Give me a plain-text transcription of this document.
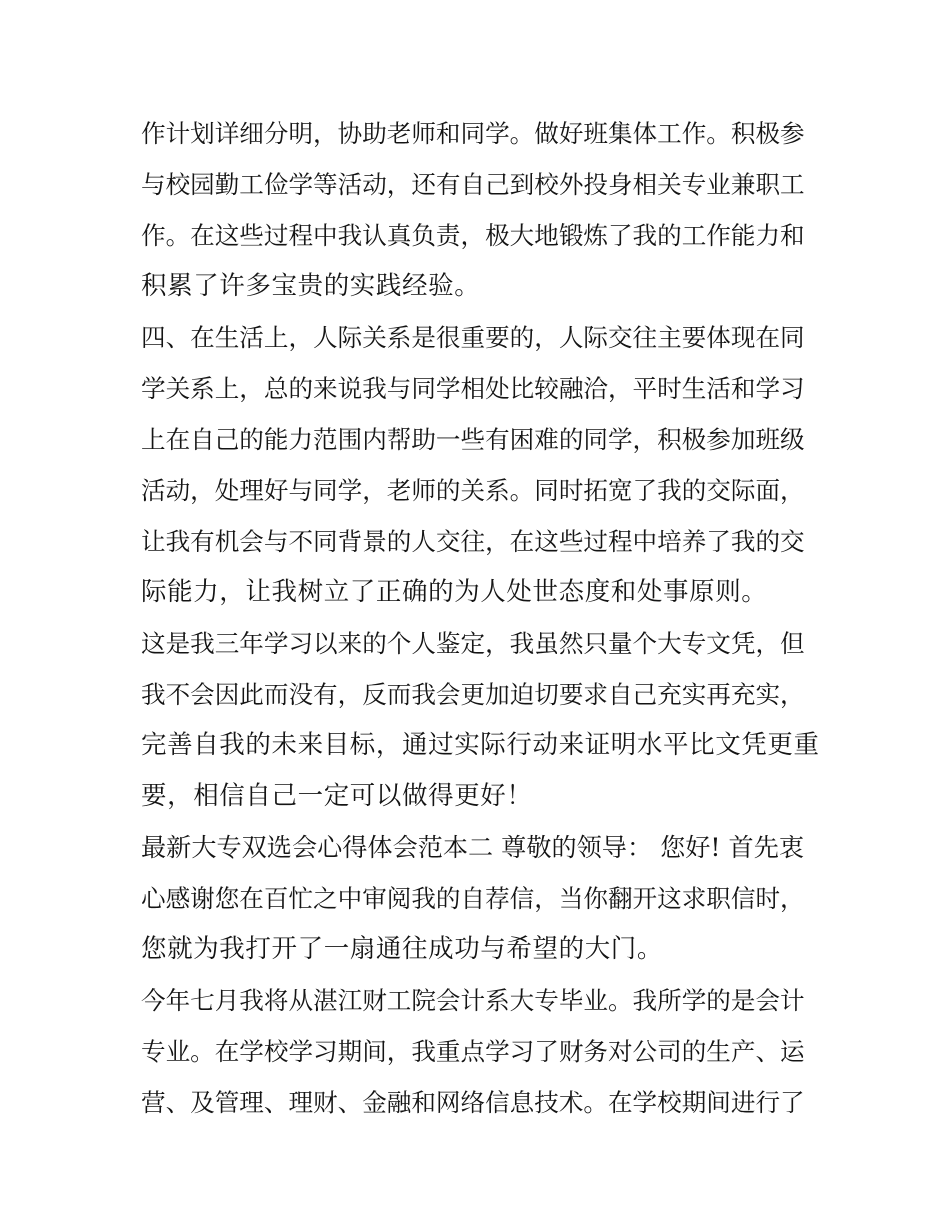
作计划详细分明，协助老师和同学。做好班集体工作。积极参
与校园勤工俭学等活动，还有自己到校外投身相关专业兼职工
作。在这些过程中我认真负责，极大地锻炼了我的工作能力和
积累了许多宝贵的实践经验。
四、在生活上，人际关系是很重要的，人际交往主要体现在同
学关系上，总的来说我与同学相处比较融洽，平时生活和学习
上在自己的能力范围内帮助一些有困难的同学，积极参加班级
活动，处理好与同学，老师的关系。同时拓宽了我的交际面，
让我有机会与不同背景的人交往，在这些过程中培养了我的交
际能力，让我树立了正确的为人处世态度和处事原则。
这是我三年学习以来的个人鉴定，我虽然只量个大专文凭，但
我不会因此而没有，反而我会更加迫切要求自己充实再充实，
完善自我的未来目标，通过实际行动来证明水平比文凭更重
要，相信自己一定可以做得更好！
最新大专双选会心得体会范本二 尊敬的领导： 您好! 首先衷
心感谢您在百忙之中审阅我的自荐信，当你翻开这求职信时，
您就为我打开了一扇通往成功与希望的大门。
今年七月我将从湛江财工院会计系大专毕业。我所学的是会计
专业。在学校学习期间，我重点学习了财务对公司的生产、运
营、及管理、理财、金融和网络信息技术。在学校期间进行了
